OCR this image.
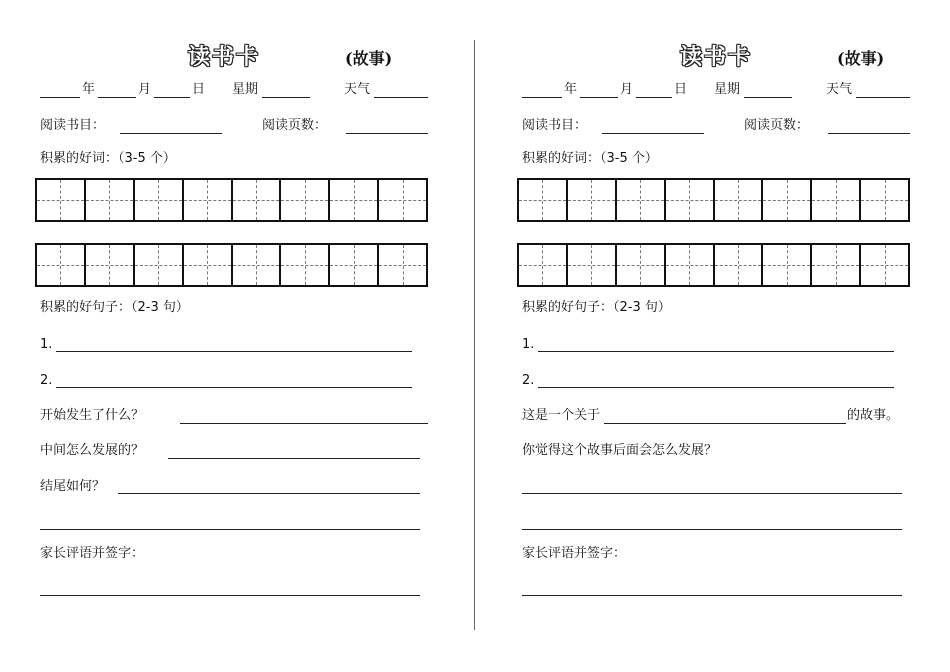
读书卡	(故事)
年	月	日 星期	天气
阅读书目：	阅读页数：
积累的好词：（3-5 个）
积累的好句子：（2-3 句）
1.
2.
开始发生了什么？
中间怎么发展的？
结尾如何？
家长评语并签字：
读书卡	(故事)
年	月	日 星期	天气
阅读书目：	阅读页数：
积累的好词：（3-5 个）
积累的好句子：（2-3 句）
1.
2.
这是一个关于	的故事。
你觉得这个故事后面会怎么发展？
家长评语并签字：
